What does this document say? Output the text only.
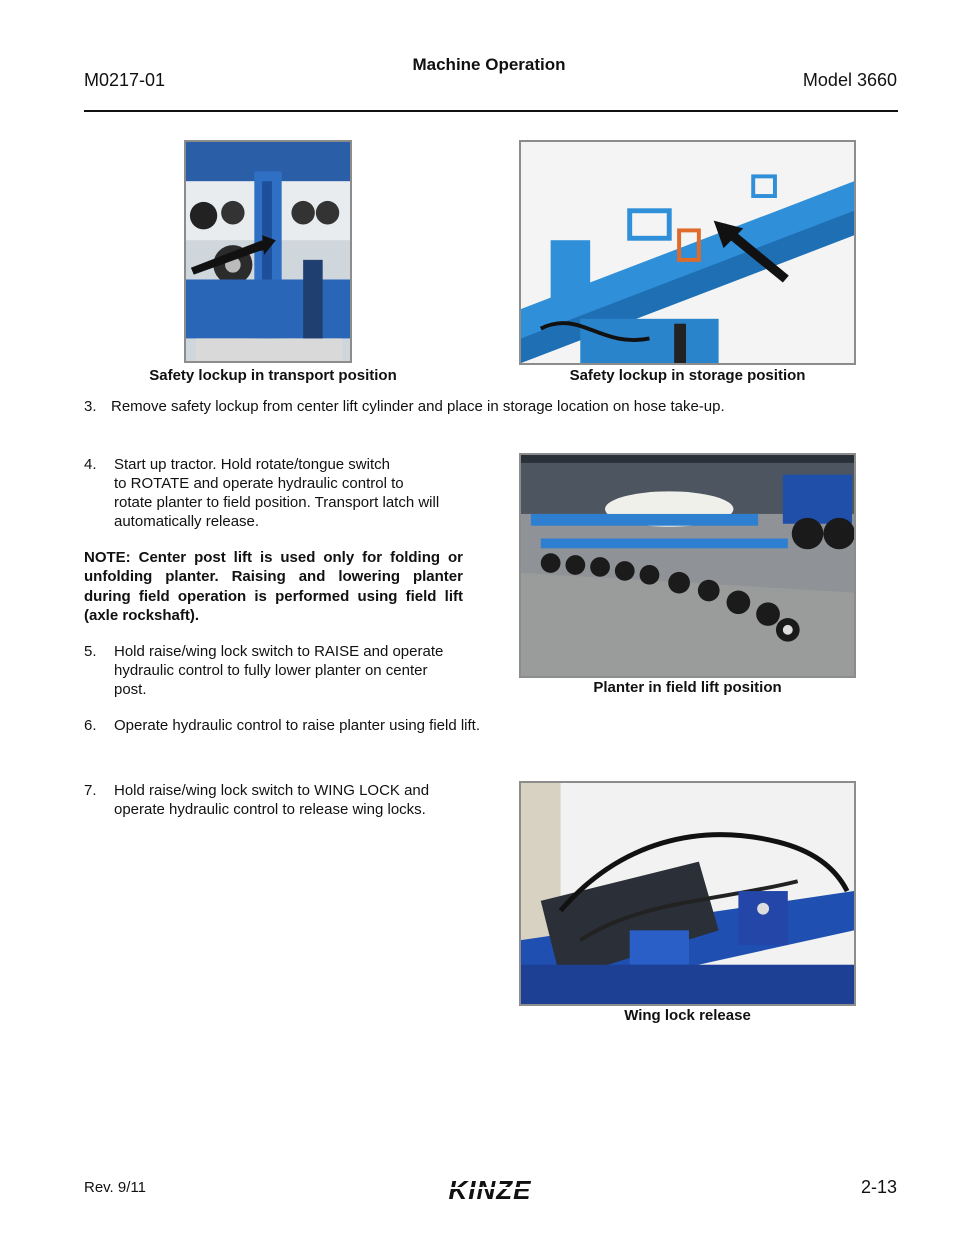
M0217-01
Machine Operation
Model 3660
Safety lockup in transport position	Safety lockup in storage position
3. Remove safety lockup from center lift cylinder and place in storage location on hose take-up.
4. Start up tractor. Hold rotate/tongue switch
to ROTATE and operate hydraulic control to
rotate planter to field position. Transport latch will
automatically release.
NOTE: Center post lift is used only for folding or unfolding planter. Raising and lowering planter during field operation is performed using field lift (axle rockshaft).
Planter in field lift position
5. Hold raise/wing lock switch to RAISE and operate
hydraulic control to fully lower planter on center
post.
6. Operate hydraulic control to raise planter using field lift.
7. Hold raise/wing lock switch to WING LOCK and
operate hydraulic control to release wing locks.
Wing lock release
Rev. 9/11	KINZE	2-13
